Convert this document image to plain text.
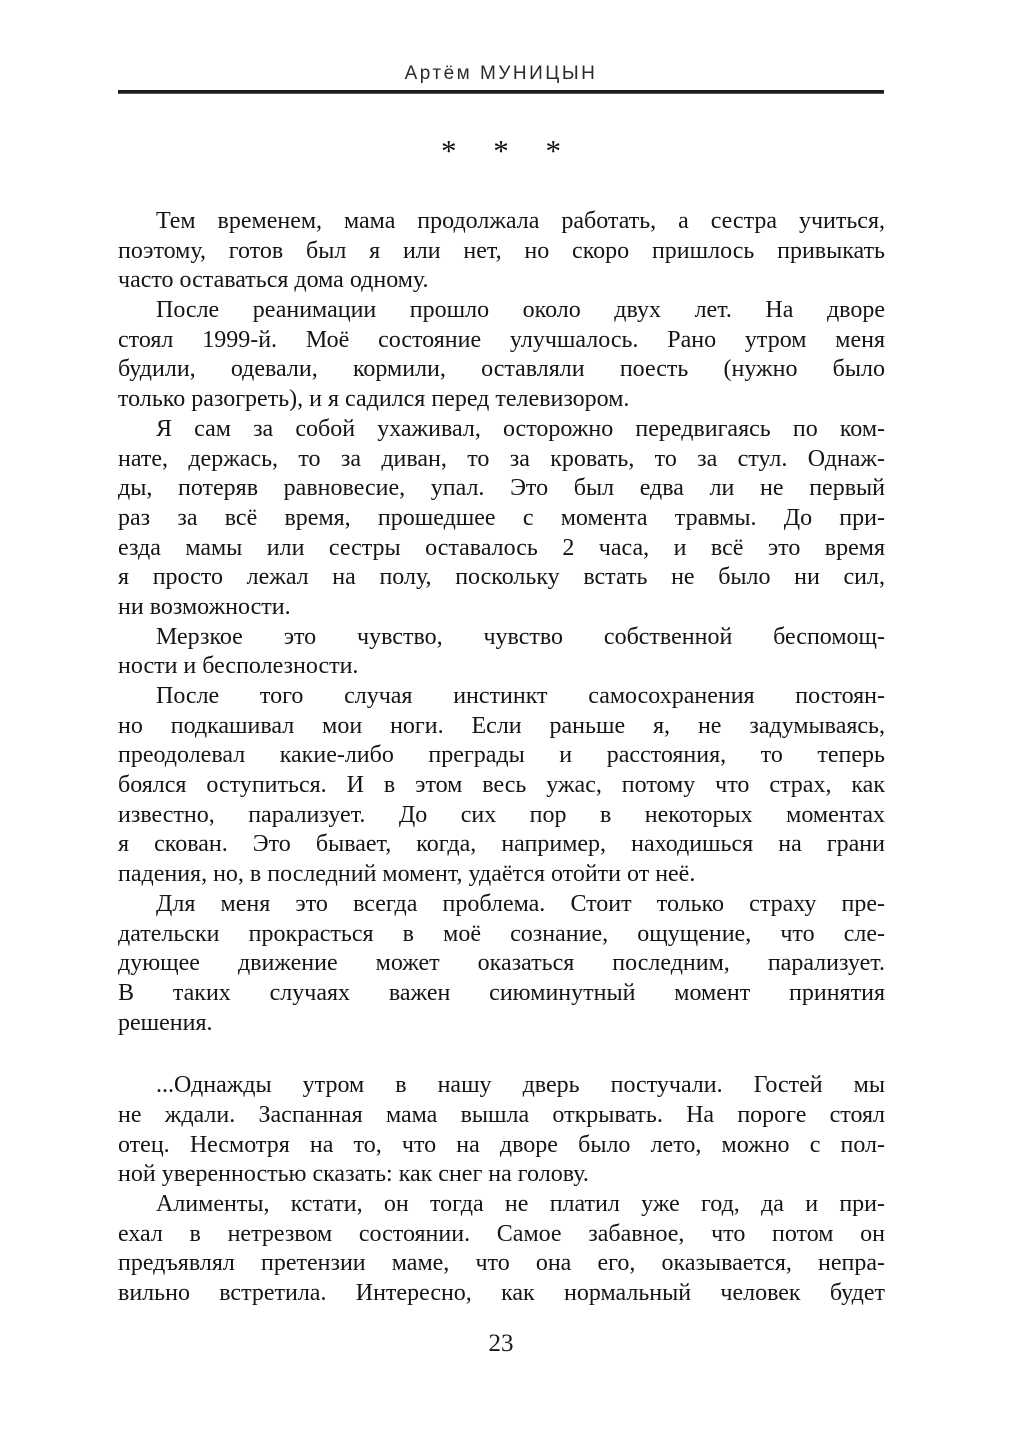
Артём МУНИЦЫН
* * *
Тем временем, мама продолжала работать, а сестра учиться,
поэтому, готов был я или нет, но скоро пришлось привыкать
часто оставаться дома одному.
После реанимации прошло около двух лет. На дворе
стоял 1999-й. Моё состояние улучшалось. Рано утром меня
будили, одевали, кормили, оставляли поесть (нужно было
только разогреть), и я садился перед телевизором.
Я сам за собой ухаживал, осторожно передвигаясь по ком-
нате, держась, то за диван, то за кровать, то за стул. Однаж-
ды, потеряв равновесие, упал. Это был едва ли не первый
раз за всё время, прошедшее с момента травмы. До при-
езда мамы или сестры оставалось 2 часа, и всё это время
я просто лежал на полу, поскольку встать не было ни сил,
ни возможности.
Мерзкое это чувство, чувство собственной беспомощ-
ности и бесполезности.
После того случая инстинкт самосохранения постоян-
но подкашивал мои ноги. Если раньше я, не задумываясь,
преодолевал какие-либо преграды и расстояния, то теперь
боялся оступиться. И в этом весь ужас, потому что страх, как
известно, парализует. До сих пор в некоторых моментах
я скован. Это бывает, когда, например, находишься на грани
падения, но, в последний момент, удаётся отойти от неё.
Для меня это всегда проблема. Стоит только страху пре-
дательски прокрасться в моё сознание, ощущение, что сле-
дующее движение может оказаться последним, парализует.
В таких случаях важен сиюминутный момент принятия
решения.
...Однажды утром в нашу дверь постучали. Гостей мы
не ждали. Заспанная мама вышла открывать. На пороге стоял
отец. Несмотря на то, что на дворе было лето, можно с пол-
ной уверенностью сказать: как снег на голову.
Алименты, кстати, он тогда не платил уже год, да и при-
ехал в нетрезвом состоянии. Самое забавное, что потом он
предъявлял претензии маме, что она его, оказывается, непра-
вильно встретила. Интересно, как нормальный человек будет
23
